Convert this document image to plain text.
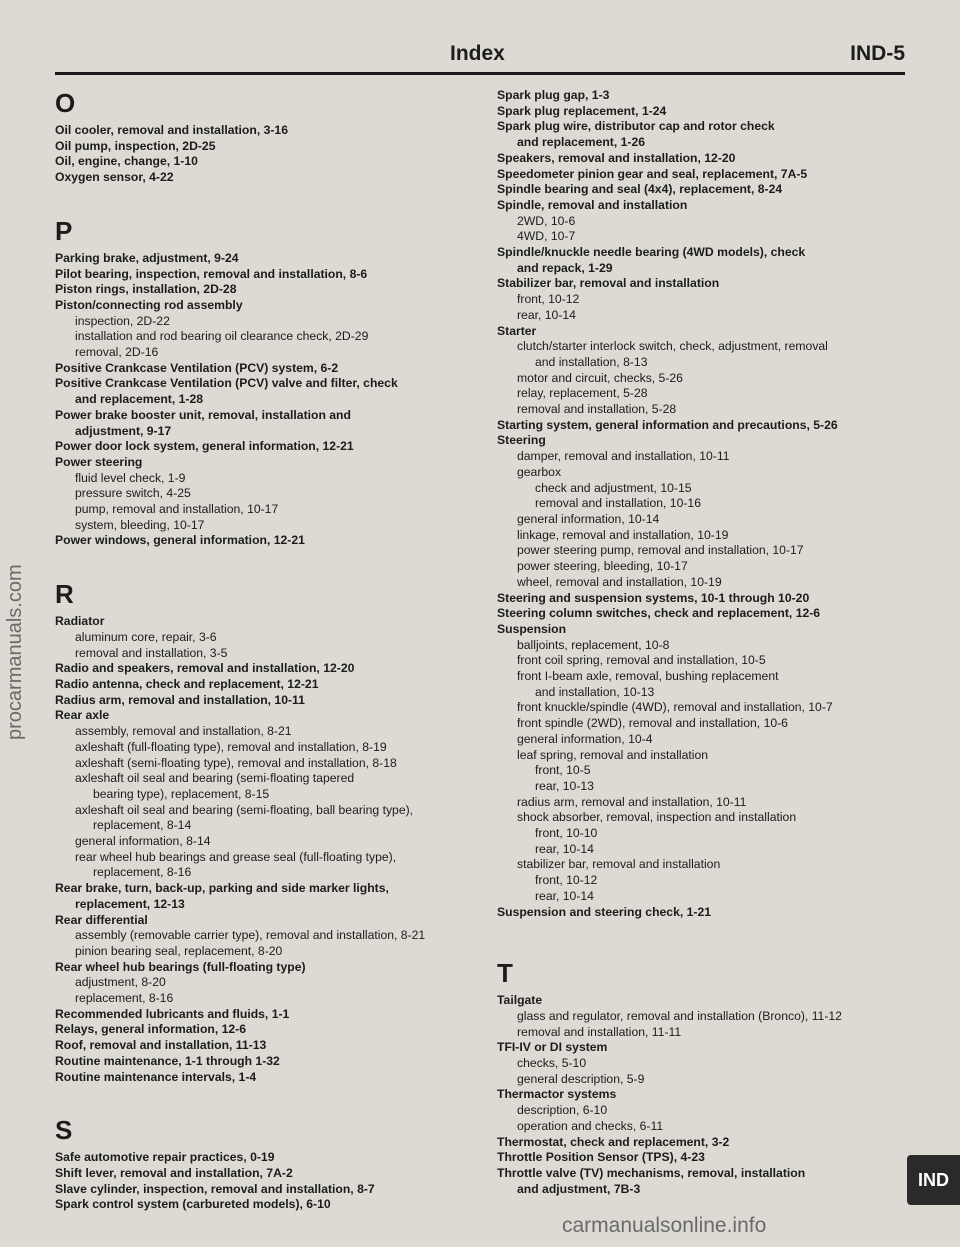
Index	IND-5
O
Oil cooler, removal and installation, 3-16
Oil pump, inspection, 2D-25
Oil, engine, change, 1-10
Oxygen sensor, 4-22
P
Parking brake, adjustment, 9-24
Pilot bearing, inspection, removal and installation, 8-6
Piston rings, installation, 2D-28
Piston/connecting rod assembly
inspection, 2D-22
installation and rod bearing oil clearance check, 2D-29
removal, 2D-16
Positive Crankcase Ventilation (PCV) system, 6-2
Positive Crankcase Ventilation (PCV) valve and filter, check
and replacement, 1-28
Power brake booster unit, removal, installation and
adjustment, 9-17
Power door lock system, general information, 12-21
Power steering
fluid level check, 1-9
pressure switch, 4-25
pump, removal and installation, 10-17
system, bleeding, 10-17
Power windows, general information, 12-21
R
Radiator
aluminum core, repair, 3-6
removal and installation, 3-5
Radio and speakers, removal and installation, 12-20
Radio antenna, check and replacement, 12-21
Radius arm, removal and installation, 10-11
Rear axle
assembly, removal and installation, 8-21
axleshaft (full-floating type), removal and installation, 8-19
axleshaft (semi-floating type), removal and installation, 8-18
axleshaft oil seal and bearing (semi-floating tapered
bearing type), replacement, 8-15
axleshaft oil seal and bearing (semi-floating, ball bearing type),
replacement, 8-14
general information, 8-14
rear wheel hub bearings and grease seal (full-floating type),
replacement, 8-16
Rear brake, turn, back-up, parking and side marker lights,
replacement, 12-13
Rear differential
assembly (removable carrier type), removal and installation, 8-21
pinion bearing seal, replacement, 8-20
Rear wheel hub bearings (full-floating type)
adjustment, 8-20
replacement, 8-16
Recommended lubricants and fluids, 1-1
Relays, general information, 12-6
Roof, removal and installation, 11-13
Routine maintenance, 1-1 through 1-32
Routine maintenance intervals, 1-4
S
Safe automotive repair practices, 0-19
Shift lever, removal and installation, 7A-2
Slave cylinder, inspection, removal and installation, 8-7
Spark control system (carbureted models), 6-10
Spark plug gap, 1-3
Spark plug replacement, 1-24
Spark plug wire, distributor cap and rotor check
and replacement, 1-26
Speakers, removal and installation, 12-20
Speedometer pinion gear and seal, replacement, 7A-5
Spindle bearing and seal (4x4), replacement, 8-24
Spindle, removal and installation
2WD, 10-6
4WD, 10-7
Spindle/knuckle needle bearing (4WD models), check
and repack, 1-29
Stabilizer bar, removal and installation
front, 10-12
rear, 10-14
Starter
clutch/starter interlock switch, check, adjustment, removal
and installation, 8-13
motor and circuit, checks, 5-26
relay, replacement, 5-28
removal and installation, 5-28
Starting system, general information and precautions, 5-26
Steering
damper, removal and installation, 10-11
gearbox
check and adjustment, 10-15
removal and installation, 10-16
general information, 10-14
linkage, removal and installation, 10-19
power steering pump, removal and installation, 10-17
power steering, bleeding, 10-17
wheel, removal and installation, 10-19
Steering and suspension systems, 10-1 through 10-20
Steering column switches, check and replacement, 12-6
Suspension
balljoints, replacement, 10-8
front coil spring, removal and installation, 10-5
front I-beam axle, removal, bushing replacement
and installation, 10-13
front knuckle/spindle (4WD), removal and installation, 10-7
front spindle (2WD), removal and installation, 10-6
general information, 10-4
leaf spring, removal and installation
front, 10-5
rear, 10-13
radius arm, removal and installation, 10-11
shock absorber, removal, inspection and installation
front, 10-10
rear, 10-14
stabilizer bar, removal and installation
front, 10-12
rear, 10-14
Suspension and steering check, 1-21
T
Tailgate
glass and regulator, removal and installation (Bronco), 11-12
removal and installation, 11-11
TFI-IV or DI system
checks, 5-10
general description, 5-9
Thermactor systems
description, 6-10
operation and checks, 6-11
Thermostat, check and replacement, 3-2
Throttle Position Sensor (TPS), 4-23
Throttle valve (TV) mechanisms, removal, installation
and adjustment, 7B-3
procarmanuals.com
carmanualsonline.info
IND
